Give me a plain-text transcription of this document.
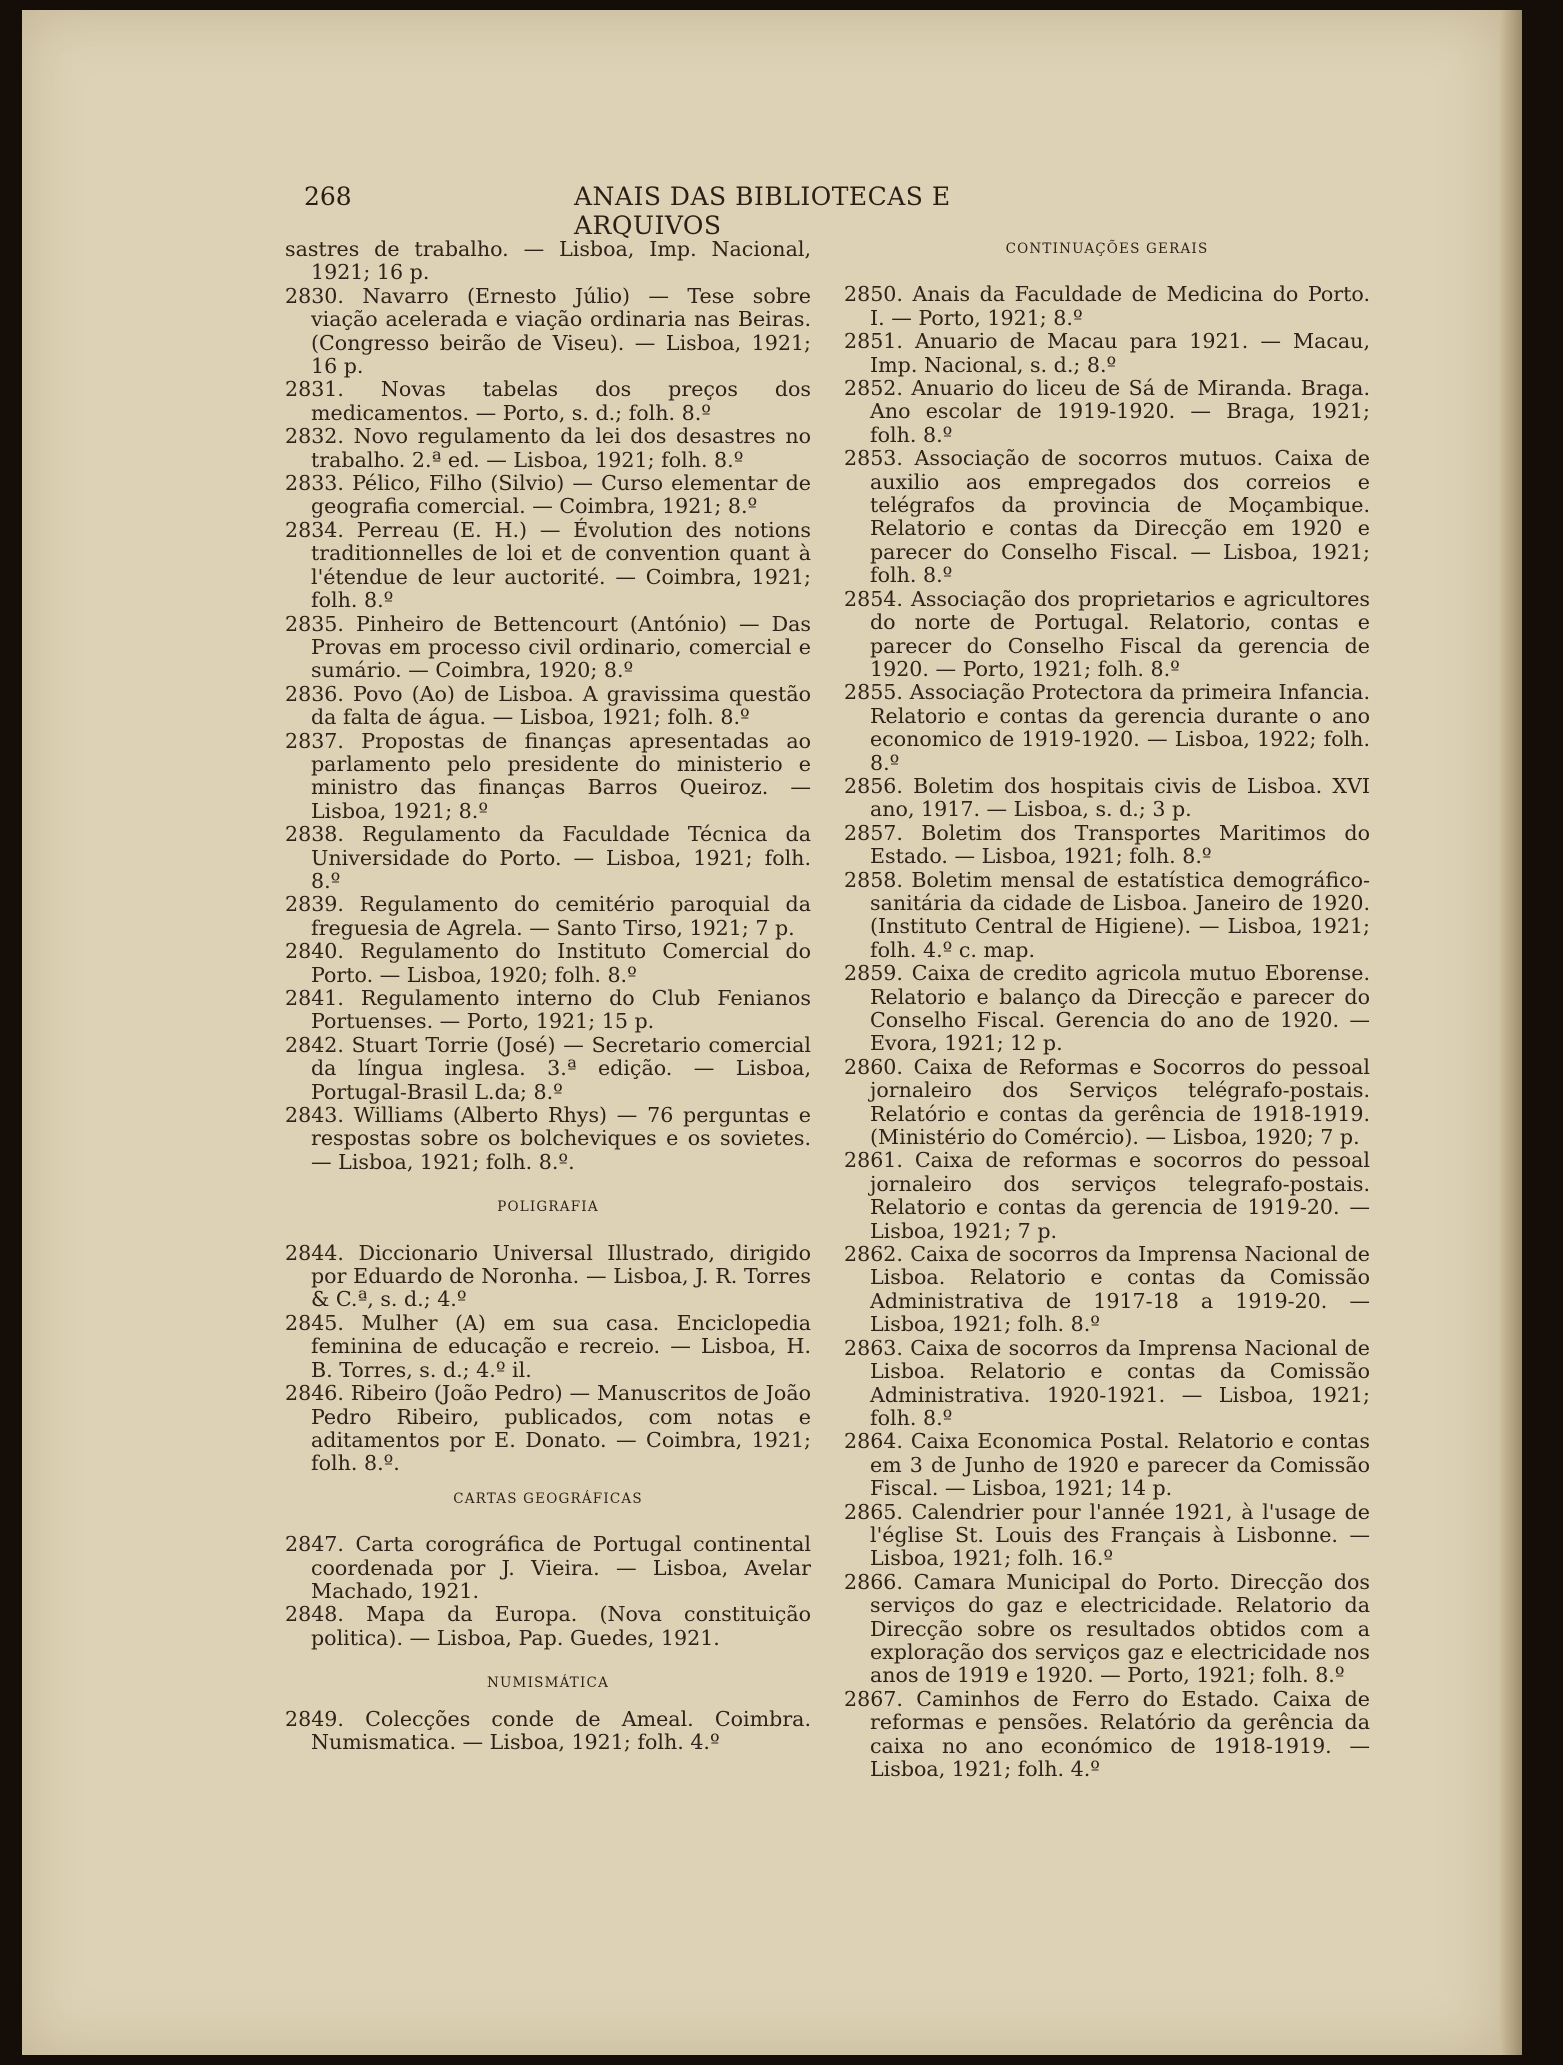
268	ANAIS DAS BIBLIOTECAS E ARQUIVOS

sastres de trabalho. — Lisboa, Imp. Nacional, 1921; 16 p.

2830. Navarro (Ernesto Júlio) — Tese sobre viação acelerada e viação ordinaria nas Beiras. (Congresso beirão de Viseu). — Lisboa, 1921; 16 p.

2831. Novas tabelas dos preços dos medicamentos. — Porto, s. d.; folh. 8.º

2832. Novo regulamento da lei dos desastres no trabalho. 2.ª ed. — Lisboa, 1921; folh. 8.º

2833. Pélico, Filho (Silvio) — Curso elementar de geografia comercial. — Coimbra, 1921; 8.º

2834. Perreau (E. H.) — Évolution des notions traditionnelles de loi et de convention quant à l'étendue de leur auctorité. — Coimbra, 1921; folh. 8.º

2835. Pinheiro de Bettencourt (António) — Das Provas em processo civil ordinario, comercial e sumário. — Coimbra, 1920; 8.º

2836. Povo (Ao) de Lisboa. A gravissima questão da falta de água. — Lisboa, 1921; folh. 8.º

2837. Propostas de finanças apresentadas ao parlamento pelo presidente do ministerio e ministro das finanças Barros Queiroz. — Lisboa, 1921; 8.º

2838. Regulamento da Faculdade Técnica da Universidade do Porto. — Lisboa, 1921; folh. 8.º

2839. Regulamento do cemitério paroquial da freguesia de Agrela. — Santo Tirso, 1921; 7 p.

2840. Regulamento do Instituto Comercial do Porto. — Lisboa, 1920; folh. 8.º

2841. Regulamento interno do Club Fenianos Portuenses. — Porto, 1921; 15 p.

2842. Stuart Torrie (José) — Secretario comercial da língua inglesa. 3.ª edição. — Lisboa, Portugal-Brasil L.da; 8.º

2843. Williams (Alberto Rhys) — 76 perguntas e respostas sobre os bolcheviques e os sovietes. — Lisboa, 1921; folh. 8.º.

POLIGRAFIA

2844. Diccionario Universal Illustrado, dirigido por Eduardo de Noronha. — Lisboa, J. R. Torres & C.ª, s. d.; 4.º

2845. Mulher (A) em sua casa. Enciclopedia feminina de educação e recreio. — Lisboa, H. B. Torres, s. d.; 4.º il.

2846. Ribeiro (João Pedro) — Manuscritos de João Pedro Ribeiro, publicados, com notas e aditamentos por E. Donato. — Coimbra, 1921; folh. 8.º.

CARTAS GEOGRÁFICAS

2847. Carta corográfica de Portugal continental coordenada por J. Vieira. — Lisboa, Avelar Machado, 1921.

2848. Mapa da Europa. (Nova constituição politica). — Lisboa, Pap. Guedes, 1921.

NUMISMÁTICA

2849. Colecções conde de Ameal. Coimbra. Numismatica. — Lisboa, 1921; folh. 4.º

CONTINUAÇÕES GERAIS

2850. Anais da Faculdade de Medicina do Porto. I. — Porto, 1921; 8.º

2851. Anuario de Macau para 1921. — Macau, Imp. Nacional, s. d.; 8.º

2852. Anuario do liceu de Sá de Miranda. Braga. Ano escolar de 1919-1920. — Braga, 1921; folh. 8.º

2853. Associação de socorros mutuos. Caixa de auxilio aos empregados dos correios e telégrafos da provincia de Moçambique. Relatorio e contas da Direcção em 1920 e parecer do Conselho Fiscal. — Lisboa, 1921; folh. 8.º

2854. Associação dos proprietarios e agricultores do norte de Portugal. Relatorio, contas e parecer do Conselho Fiscal da gerencia de 1920. — Porto, 1921; folh. 8.º

2855. Associação Protectora da primeira Infancia. Relatorio e contas da gerencia durante o ano economico de 1919-1920. — Lisboa, 1922; folh. 8.º

2856. Boletim dos hospitais civis de Lisboa. XVI ano, 1917. — Lisboa, s. d.; 3 p.

2857. Boletim dos Transportes Maritimos do Estado. — Lisboa, 1921; folh. 8.º

2858. Boletim mensal de estatística demográfico-sanitária da cidade de Lisboa. Janeiro de 1920. (Instituto Central de Higiene). — Lisboa, 1921; folh. 4.º c. map.

2859. Caixa de credito agricola mutuo Eborense. Relatorio e balanço da Direcção e parecer do Conselho Fiscal. Gerencia do ano de 1920. — Evora, 1921; 12 p.

2860. Caixa de Reformas e Socorros do pessoal jornaleiro dos Serviços telégrafo-postais. Relatório e contas da gerência de 1918-1919. (Ministério do Comércio). — Lisboa, 1920; 7 p.

2861. Caixa de reformas e socorros do pessoal jornaleiro dos serviços telegrafo-postais. Relatorio e contas da gerencia de 1919-20. — Lisboa, 1921; 7 p.

2862. Caixa de socorros da Imprensa Nacional de Lisboa. Relatorio e contas da Comissão Administrativa de 1917-18 a 1919-20. — Lisboa, 1921; folh. 8.º

2863. Caixa de socorros da Imprensa Nacional de Lisboa. Relatorio e contas da Comissão Administrativa. 1920-1921. — Lisboa, 1921; folh. 8.º

2864. Caixa Economica Postal. Relatorio e contas em 3 de Junho de 1920 e parecer da Comissão Fiscal. — Lisboa, 1921; 14 p.

2865. Calendrier pour l'année 1921, à l'usage de l'église St. Louis des Français à Lisbonne. — Lisboa, 1921; folh. 16.º

2866. Camara Municipal do Porto. Direcção dos serviços do gaz e electricidade. Relatorio da Direcção sobre os resultados obtidos com a exploração dos serviços gaz e electricidade nos anos de 1919 e 1920. — Porto, 1921; folh. 8.º

2867. Caminhos de Ferro do Estado. Caixa de reformas e pensões. Relatório da gerência da caixa no ano económico de 1918-1919. — Lisboa, 1921; folh. 4.º
